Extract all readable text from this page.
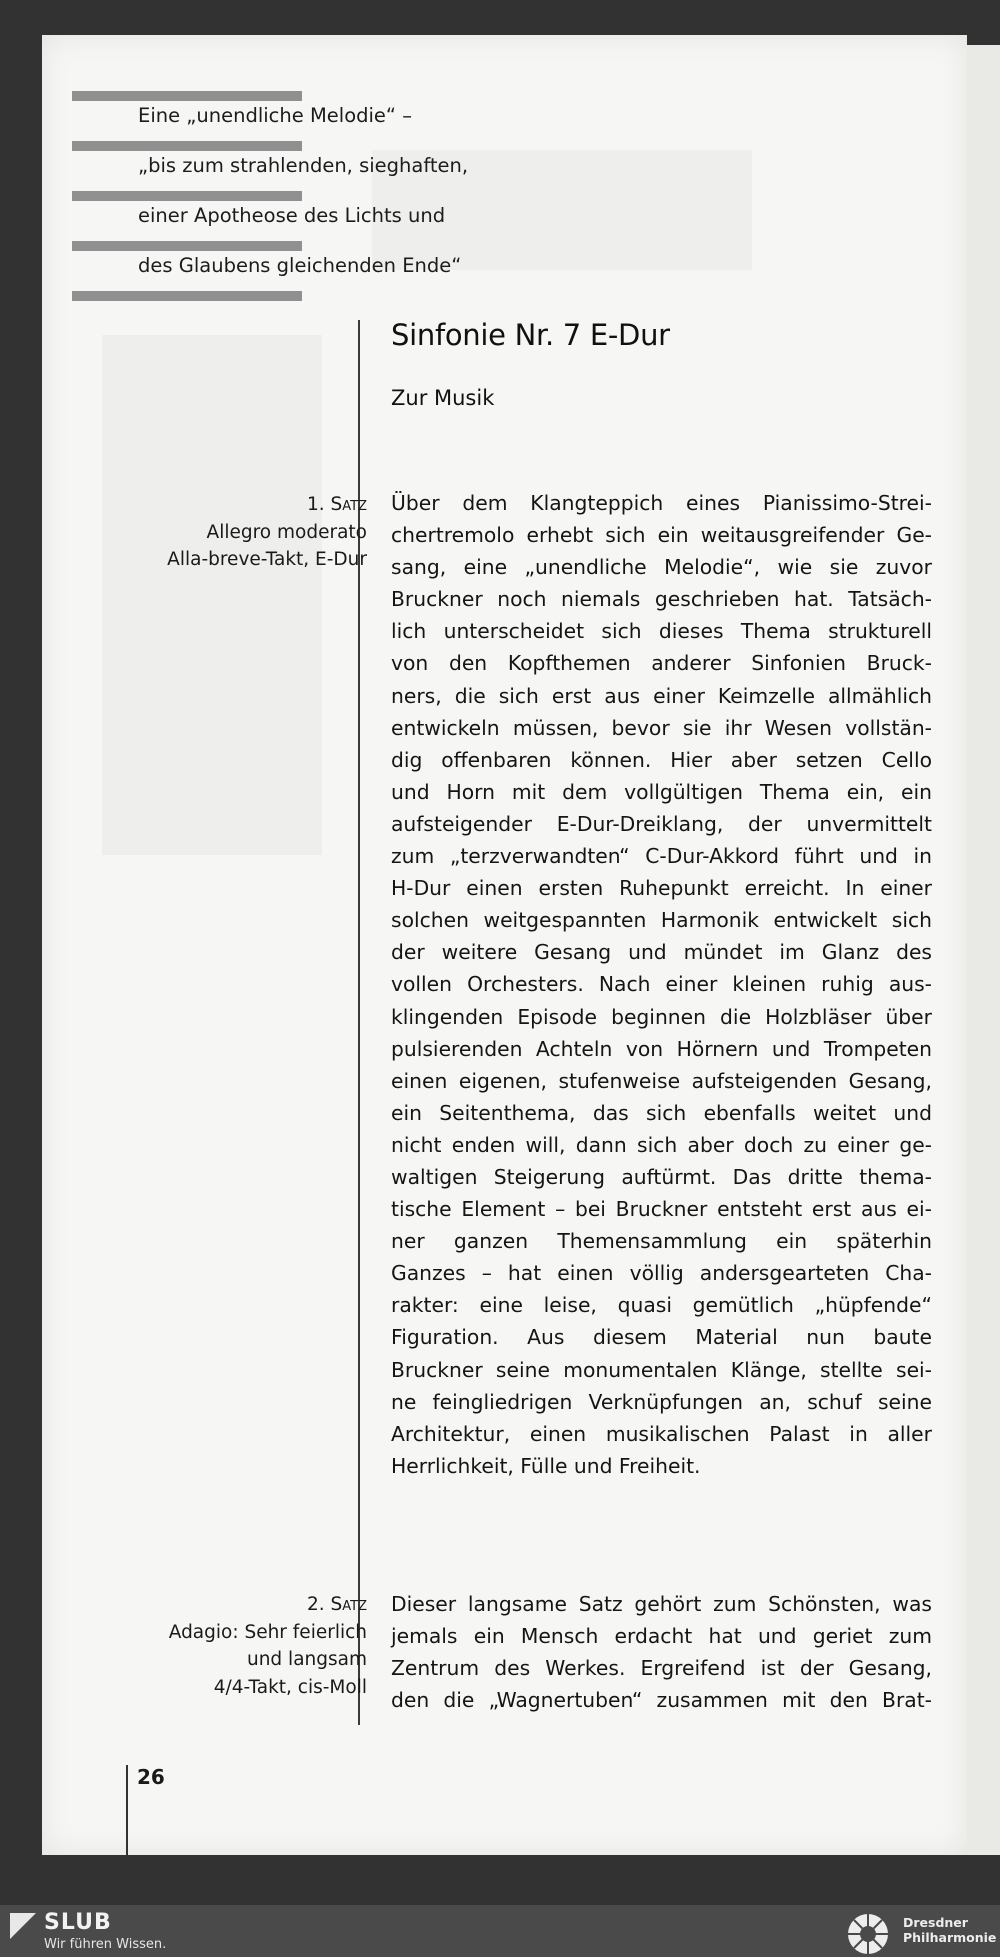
Eine „unendliche Melodie“ –
„bis zum strahlenden, sieghaften,
einer Apotheose des Lichts und
des Glaubens gleichenden Ende“
Sinfonie Nr. 7 E-Dur
Zur Musik
1. Satz
Allegro moderato
Alla-breve-Takt, E-Dur
Über dem Klangteppich eines Pianissimo-Strei-
chertremolo erhebt sich ein weitausgreifender Ge-
sang, eine „unendliche Melodie“, wie sie zuvor
Bruckner noch niemals geschrieben hat. Tatsäch-
lich unterscheidet sich dieses Thema strukturell
von den Kopfthemen anderer Sinfonien Bruck-
ners, die sich erst aus einer Keimzelle allmählich
entwickeln müssen, bevor sie ihr Wesen vollstän-
dig offenbaren können. Hier aber setzen Cello
und Horn mit dem vollgültigen Thema ein, ein
aufsteigender E-Dur-Dreiklang, der unvermittelt
zum „terzverwandten“ C-Dur-Akkord führt und in
H-Dur einen ersten Ruhepunkt erreicht. In einer
solchen weitgespannten Harmonik entwickelt sich
der weitere Gesang und mündet im Glanz des
vollen Orchesters. Nach einer kleinen ruhig aus-
klingenden Episode beginnen die Holzbläser über
pulsierenden Achteln von Hörnern und Trompeten
einen eigenen, stufenweise aufsteigenden Gesang,
ein Seitenthema, das sich ebenfalls weitet und
nicht enden will, dann sich aber doch zu einer ge-
waltigen Steigerung auftürmt. Das dritte thema-
tische Element – bei Bruckner entsteht erst aus ei-
ner ganzen Themensammlung ein späterhin
Ganzes – hat einen völlig andersgearteten Cha-
rakter: eine leise, quasi gemütlich „hüpfende“
Figuration. Aus diesem Material nun baute
Bruckner seine monumentalen Klänge, stellte sei-
ne feingliedrigen Verknüpfungen an, schuf seine
Architektur, einen musikalischen Palast in aller
Herrlichkeit, Fülle und Freiheit.
2. Satz
Adagio: Sehr feierlich
und langsam
4/4-Takt, cis-Moll
Dieser langsame Satz gehört zum Schönsten, was
jemals ein Mensch erdacht hat und geriet zum
Zentrum des Werkes. Ergreifend ist der Gesang,
den die „Wagnertuben“ zusammen mit den Brat-
26
SLUB
Wir führen Wissen.
Dresdner
Philharmonie
